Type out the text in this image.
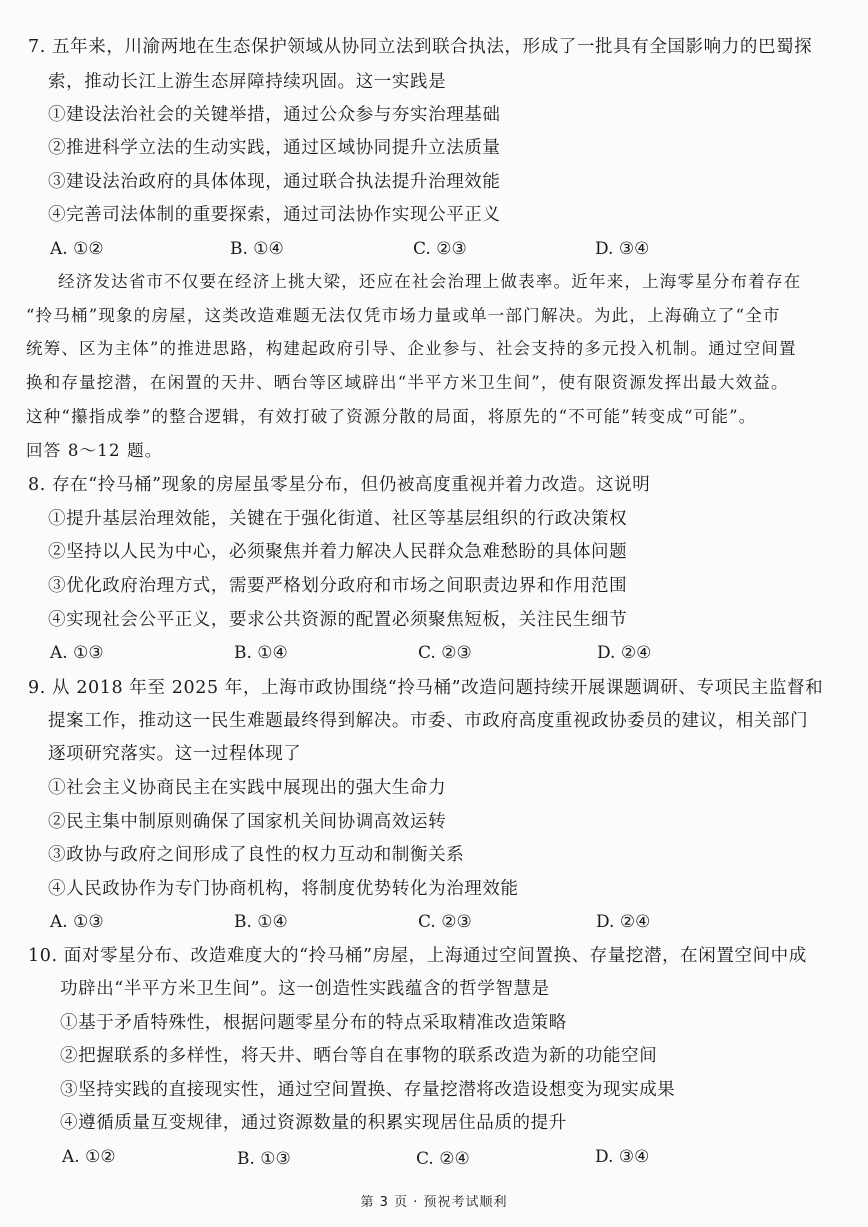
7. 五年来，川渝两地在生态保护领域从协同立法到联合执法，形成了一批具有全国影响力的巴蜀探
索，推动长江上游生态屏障持续巩固。这一实践是
①建设法治社会的关键举措，通过公众参与夯实治理基础
②推进科学立法的生动实践，通过区域协同提升立法质量
③建设法治政府的具体体现，通过联合执法提升治理效能
④完善司法体制的重要探索，通过司法协作实现公平正义
A. ①②	B. ①④	C. ②③	D. ③④
经济发达省市不仅要在经济上挑大梁，还应在社会治理上做表率。近年来，上海零星分布着存在
“拎马桶”现象的房屋，这类改造难题无法仅凭市场力量或单一部门解决。为此，上海确立了“全市
统筹、区为主体”的推进思路，构建起政府引导、企业参与、社会支持的多元投入机制。通过空间置
换和存量挖潜，在闲置的天井、晒台等区域辟出“半平方米卫生间”，使有限资源发挥出最大效益。
这种“攥指成拳”的整合逻辑，有效打破了资源分散的局面，将原先的“不可能”转变成“可能”。
回答 8～12 题。
8. 存在“拎马桶”现象的房屋虽零星分布，但仍被高度重视并着力改造。这说明
①提升基层治理效能，关键在于强化街道、社区等基层组织的行政决策权
②坚持以人民为中心，必须聚焦并着力解决人民群众急难愁盼的具体问题
③优化政府治理方式，需要严格划分政府和市场之间职责边界和作用范围
④实现社会公平正义，要求公共资源的配置必须聚焦短板，关注民生细节
A. ①③	B. ①④	C. ②③	D. ②④
9. 从 2018 年至 2025 年，上海市政协围绕“拎马桶”改造问题持续开展课题调研、专项民主监督和
提案工作，推动这一民生难题最终得到解决。市委、市政府高度重视政协委员的建议，相关部门
逐项研究落实。这一过程体现了
①社会主义协商民主在实践中展现出的强大生命力
②民主集中制原则确保了国家机关间协调高效运转
③政协与政府之间形成了良性的权力互动和制衡关系
④人民政协作为专门协商机构，将制度优势转化为治理效能
A. ①③	B. ①④	C. ②③	D. ②④
10. 面对零星分布、改造难度大的“拎马桶”房屋，上海通过空间置换、存量挖潜，在闲置空间中成
功辟出“半平方米卫生间”。这一创造性实践蕴含的哲学智慧是
①基于矛盾特殊性，根据问题零星分布的特点采取精准改造策略
②把握联系的多样性，将天井、晒台等自在事物的联系改造为新的功能空间
③坚持实践的直接现实性，通过空间置换、存量挖潜将改造设想变为现实成果
④遵循质量互变规律，通过资源数量的积累实现居住品质的提升
A. ①②	B. ①③	C. ②④	D. ③④
第 3 页 · 预祝考试顺利
